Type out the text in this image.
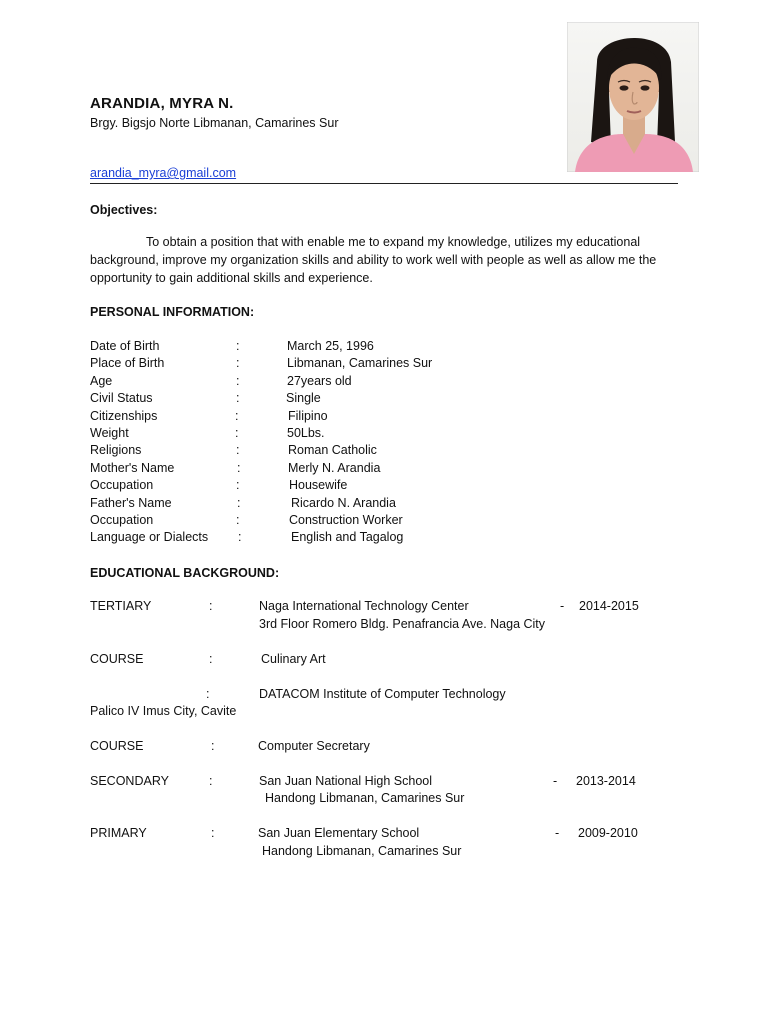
ARANDIA, MYRA N.
Brgy. Bigsjo Norte Libmanan, Camarines Sur
arandia_myra@gmail.com
Objectives:
To obtain a position that with enable me to expand my knowledge, utilizes my educational background, improve my organization skills and ability to work well with people as well as allow me the opportunity to gain additional skills and experience.
PERSONAL INFORMATION:
Date of Birth	:	March 25, 1996
Place of Birth	:	Libmanan, Camarines Sur
Age	:	27years old
Civil Status	:	Single
Citizenships	:	Filipino
Weight	:	50Lbs.
Religions	:	Roman Catholic
Mother's Name	:	Merly N. Arandia
Occupation	:	Housewife
Father's Name	:	Ricardo N. Arandia
Occupation	:	Construction Worker
Language or Dialects :	English and Tagalog
EDUCATIONAL BACKGROUND:
TERTIARY	:	Naga International Technology Center	- 2014-2015
3rd Floor Romero Bldg. Penafrancia Ave. Naga City
COURSE	:	Culinary Art
:	DATACOM Institute of Computer Technology
Palico IV Imus City, Cavite
COURSE	:	Computer Secretary
SECONDARY	:	San Juan National High School	- 2013-2014
Handong Libmanan, Camarines Sur
PRIMARY	:	San Juan Elementary School	- 2009-2010
Handong Libmanan, Camarines Sur
